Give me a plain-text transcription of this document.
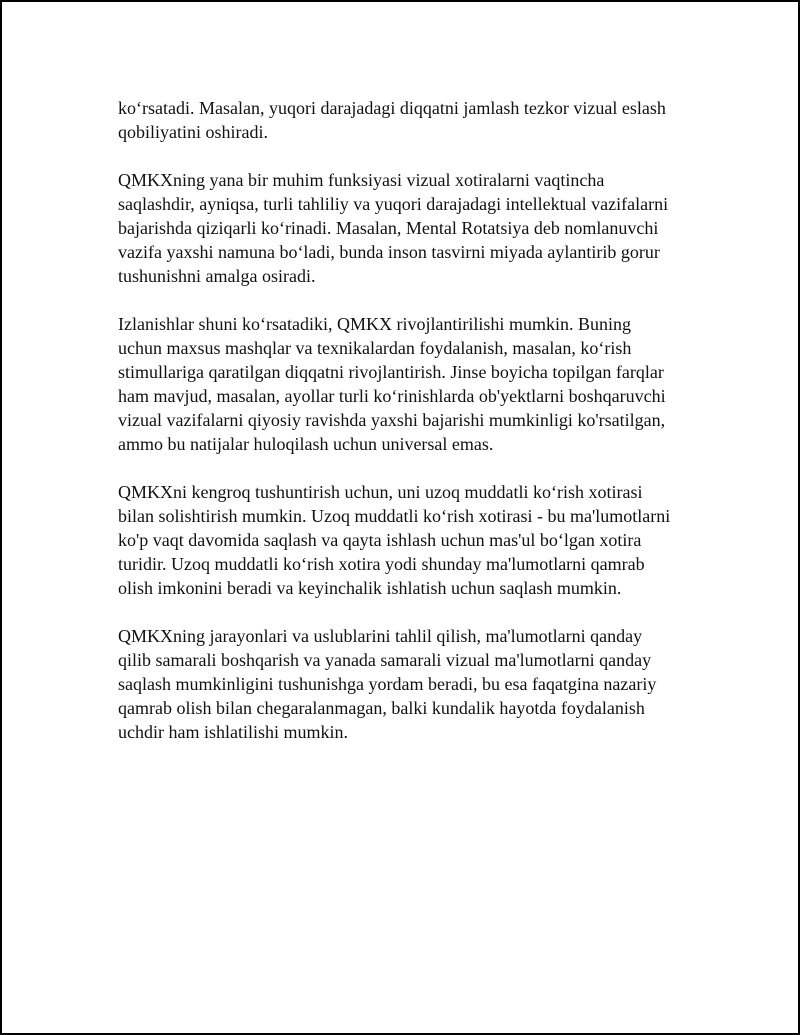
ko‘rsatadi. Masalan, yuqori darajadagi diqqatni jamlash tezkor vizual eslash
qobiliyatini oshiradi.

QMKXning yana bir muhim funksiyasi vizual xotiralarni vaqtincha
saqlashdir, ayniqsa, turli tahliliy va yuqori darajadagi intellektual vazifalarni
bajarishda qiziqarli ko‘rinadi. Masalan, Mental Rotatsiya deb nomlanuvchi
vazifa yaxshi namuna bo‘ladi, bunda inson tasvirni miyada aylantirib gorur
tushunishni amalga osiradi.

Izlanishlar shuni ko‘rsatadiki, QMKX rivojlantirilishi mumkin. Buning
uchun maxsus mashqlar va texnikalardan foydalanish, masalan, ko‘rish
stimullariga qaratilgan diqqatni rivojlantirish. Jinse boyicha topilgan farqlar
ham mavjud, masalan, ayollar turli ko‘rinishlarda ob'yektlarni boshqaruvchi
vizual vazifalarni qiyosiy ravishda yaxshi bajarishi mumkinligi ko'rsatilgan,
ammo bu natijalar huloqilash uchun universal emas.

QMKXni kengroq tushuntirish uchun, uni uzoq muddatli ko‘rish xotirasi
bilan solishtirish mumkin. Uzoq muddatli ko‘rish xotirasi - bu ma'lumotlarni
ko'p vaqt davomida saqlash va qayta ishlash uchun mas'ul bo‘lgan xotira
turidir. Uzoq muddatli ko‘rish xotira yodi shunday ma'lumotlarni qamrab
olish imkonini beradi va keyinchalik ishlatish uchun saqlash mumkin.

QMKXning jarayonlari va uslublarini tahlil qilish, ma'lumotlarni qanday
qilib samarali boshqarish va yanada samarali vizual ma'lumotlarni qanday
saqlash mumkinligini tushunishga yordam beradi, bu esa faqatgina nazariy
qamrab olish bilan chegaralanmagan, balki kundalik hayotda foydalanish
uchdir ham ishlatilishi mumkin.
